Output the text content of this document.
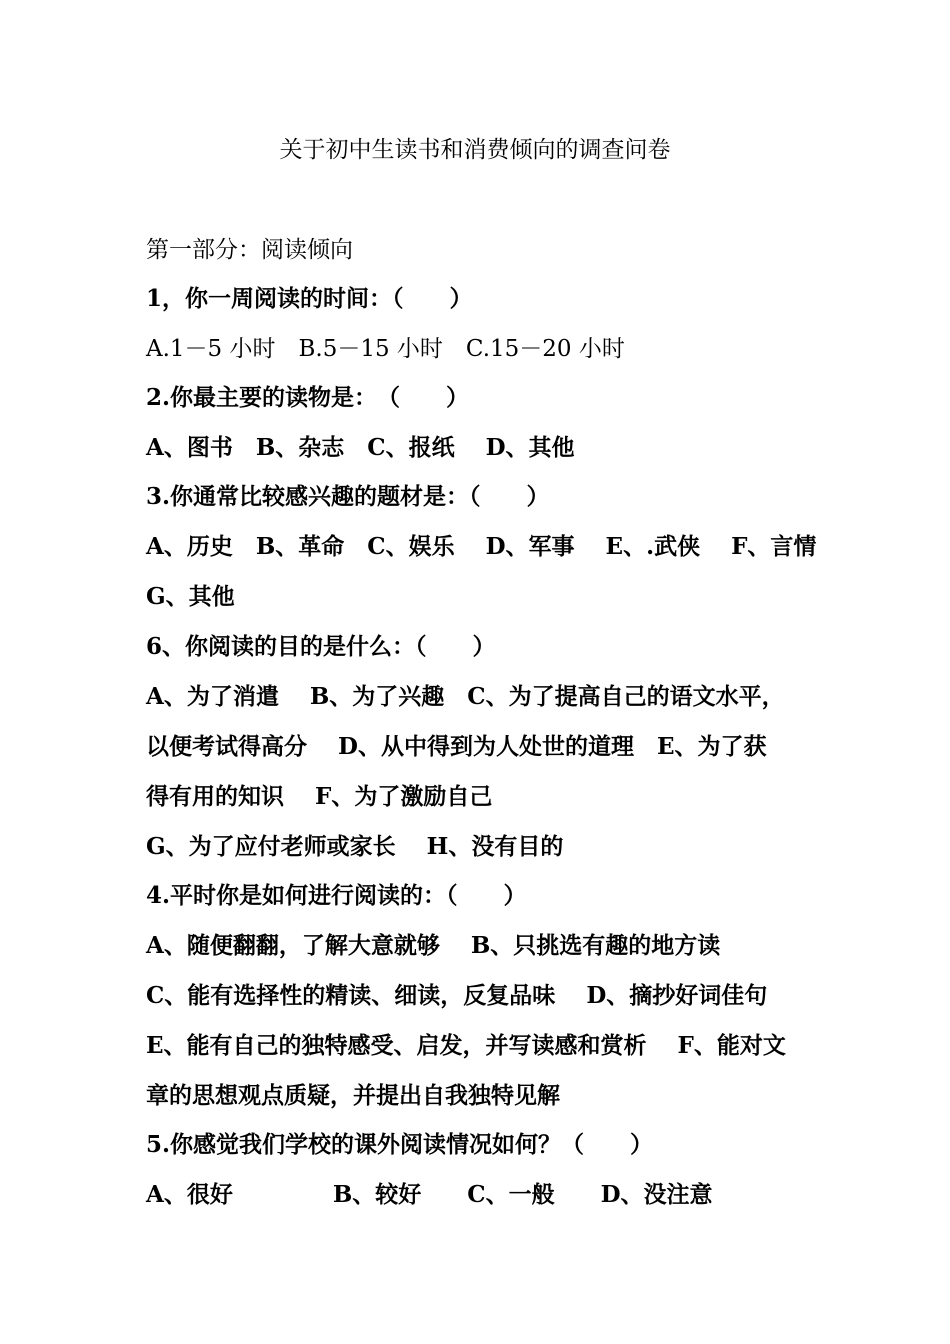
关于初中生读书和消费倾向的调查问卷
第一部分：阅读倾向
1，你一周阅读的时间：（　　）
A.1－5 小时　B.5－15 小时　C.15－20 小时
2.你最主要的读物是：　（　　）
A、图书　B、杂志　C、报纸　 D、其他
3.你通常比较感兴趣的题材是：（　　）
A、历史　B、革命　C、娱乐　 D、军事　 E、.武侠　 F、言情
G、其他
6、你阅读的目的是什么：（　　）
A、为了消遣　 B、为了兴趣　C、为了提高自己的语文水平，
以便考试得高分　 D、从中得到为人处世的道理　E、为了获
得有用的知识　 F、为了激励自己
G、为了应付老师或家长　 H、没有目的
4.平时你是如何进行阅读的：（　　）
A、随便翻翻，了解大意就够　 B、只挑选有趣的地方读
C、能有选择性的精读、细读，反复品味　 D、摘抄好词佳句
E、能有自己的独特感受、启发，并写读感和赏析　 F、能对文
章的思想观点质疑，并提出自我独特见解
5.你感觉我们学校的课外阅读情况如何？（　　）
A、很好　　　　 B、较好　　C、一般　　D、没注意
